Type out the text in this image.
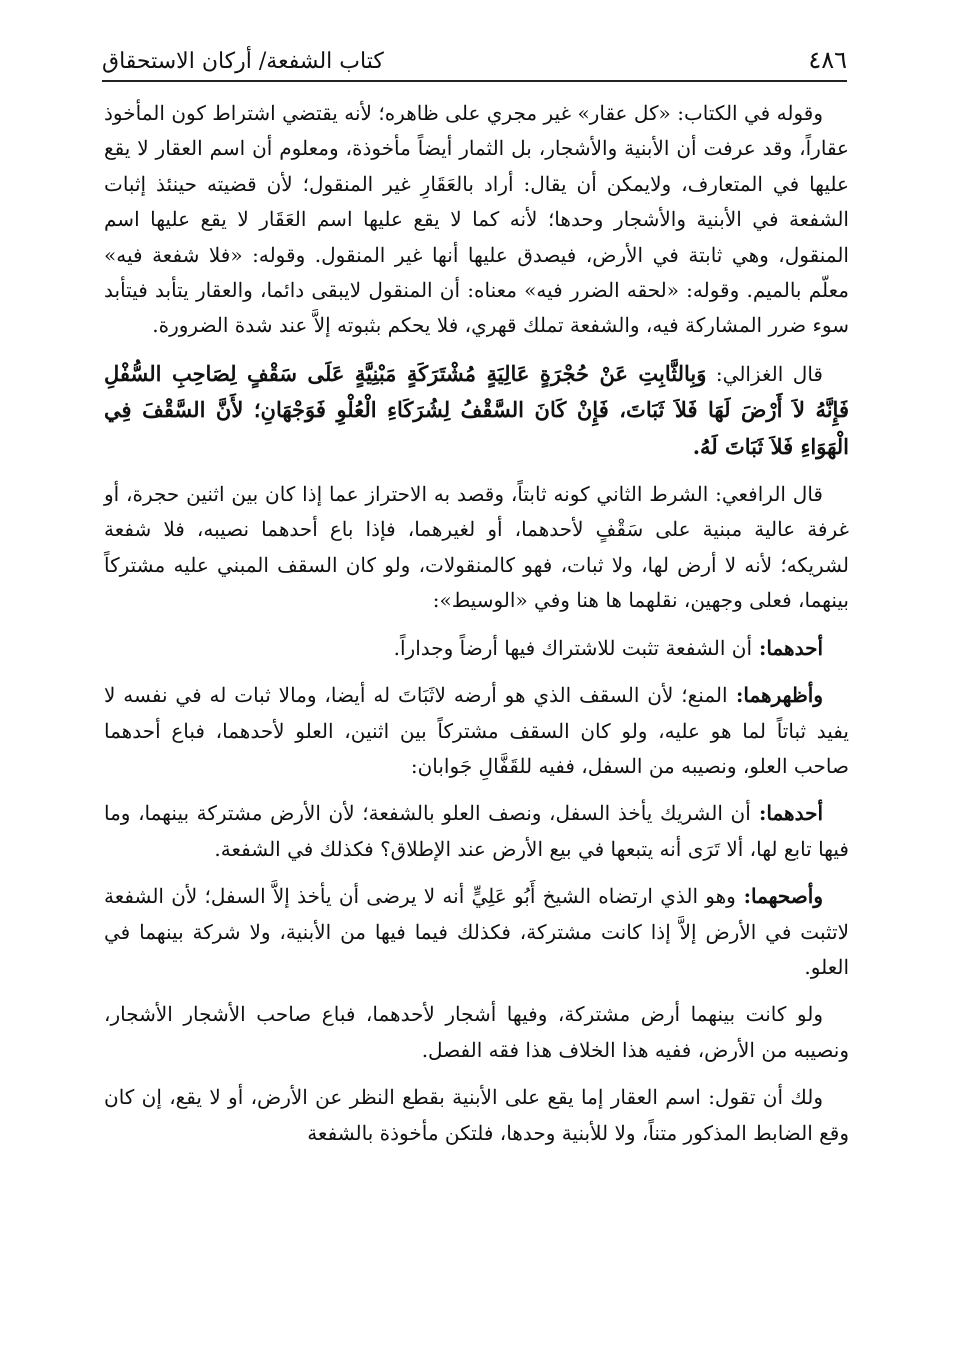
٤٨٦
كتاب الشفعة/ أركان الاستحقاق

وقوله في الكتاب: «كل عقار» غير مجري على ظاهره؛ لأنه يقتضي اشتراط كون المأخوذ عقاراً، وقد عرفت أن الأبنية والأشجار، بل الثمار أيضاً مأخوذة، ومعلوم أن اسم العقار لا يقع عليها في المتعارف، ولايمكن أن يقال: أراد بالعَقَارِ غير المنقول؛ لأن قضيته حينئذ إثبات الشفعة في الأبنية والأشجار وحدها؛ لأنه كما لا يقع عليها اسم العَقَار لا يقع عليها اسم المنقول، وهي ثابتة في الأرض، فيصدق عليها أنها غير المنقول. وقوله: «فلا شفعة فيه» معلّم بالميم. وقوله: «لحقه الضرر فيه» معناه: أن المنقول لايبقى دائما، والعقار يتأبد فيتأبد سوء ضرر المشاركة فيه، والشفعة تملك قهري، فلا يحكم بثبوته إلاَّ عند شدة الضرورة.

قال الغزالي: وَبِالثَّابِتِ عَنْ حُجْرَةٍ عَالِيَةٍ مُشْتَرَكَةٍ مَبْنِيَّةٍ عَلَى سَقْفٍ لِصَاحِبِ السُّفْلِ فَإِنَّهُ لاَ أَرْضَ لَهَا فَلاَ ثَبَاتَ، فَإِنْ كَانَ السَّقْفُ لِشُرَكَاءِ الْعُلْوِ فَوَجْهَانِ؛ لأَنَّ السَّقْفَ فِي الْهَوَاءِ فَلاَ ثَبَاتَ لَهُ.

قال الرافعي: الشرط الثاني كونه ثابتاً، وقصد به الاحتراز عما إذا كان بين اثنين حجرة، أو غرفة عالية مبنية على سَقْفٍ لأحدهما، أو لغيرهما، فإذا باع أحدهما نصيبه، فلا شفعة لشريكه؛ لأنه لا أرض لها، ولا ثبات، فهو كالمنقولات، ولو كان السقف المبني عليه مشتركاً بينهما، فعلى وجهين، نقلهما ها هنا وفي «الوسيط»:

أحدهما: أن الشفعة تثبت للاشتراك فيها أرضاً وجداراً.

وأظهرهما: المنع؛ لأن السقف الذي هو أرضه لاثَبَاتَ له أيضا، ومالا ثبات له في نفسه لا يفيد ثباتاً لما هو عليه، ولو كان السقف مشتركاً بين اثنين، العلو لأحدهما، فباع أحدهما صاحب العلو، ونصيبه من السفل، ففيه للقَفَّالِ جَوابان:

أحدهما: أن الشريك يأخذ السفل، ونصف العلو بالشفعة؛ لأن الأرض مشتركة بينهما، وما فيها تابع لها، ألا تَرَى أنه يتبعها في بيع الأرض عند الإطلاق؟ فكذلك في الشفعة.

وأصحهما: وهو الذي ارتضاه الشيخ أَبُو عَلِيٍّ أنه لا يرضى أن يأخذ إلاَّ السفل؛ لأن الشفعة لاتثبت في الأرض إلاَّ إذا كانت مشتركة، فكذلك فيما فيها من الأبنية، ولا شركة بينهما في العلو.

ولو كانت بينهما أرض مشتركة، وفيها أشجار لأحدهما، فباع صاحب الأشجار الأشجار، ونصيبه من الأرض، ففيه هذا الخلاف هذا فقه الفصل.

ولك أن تقول: اسم العقار إما يقع على الأبنية بقطع النظر عن الأرض، أو لا يقع، إن كان وقع الضابط المذكور متناً، ولا للأبنية وحدها، فلتكن مأخوذة بالشفعة
